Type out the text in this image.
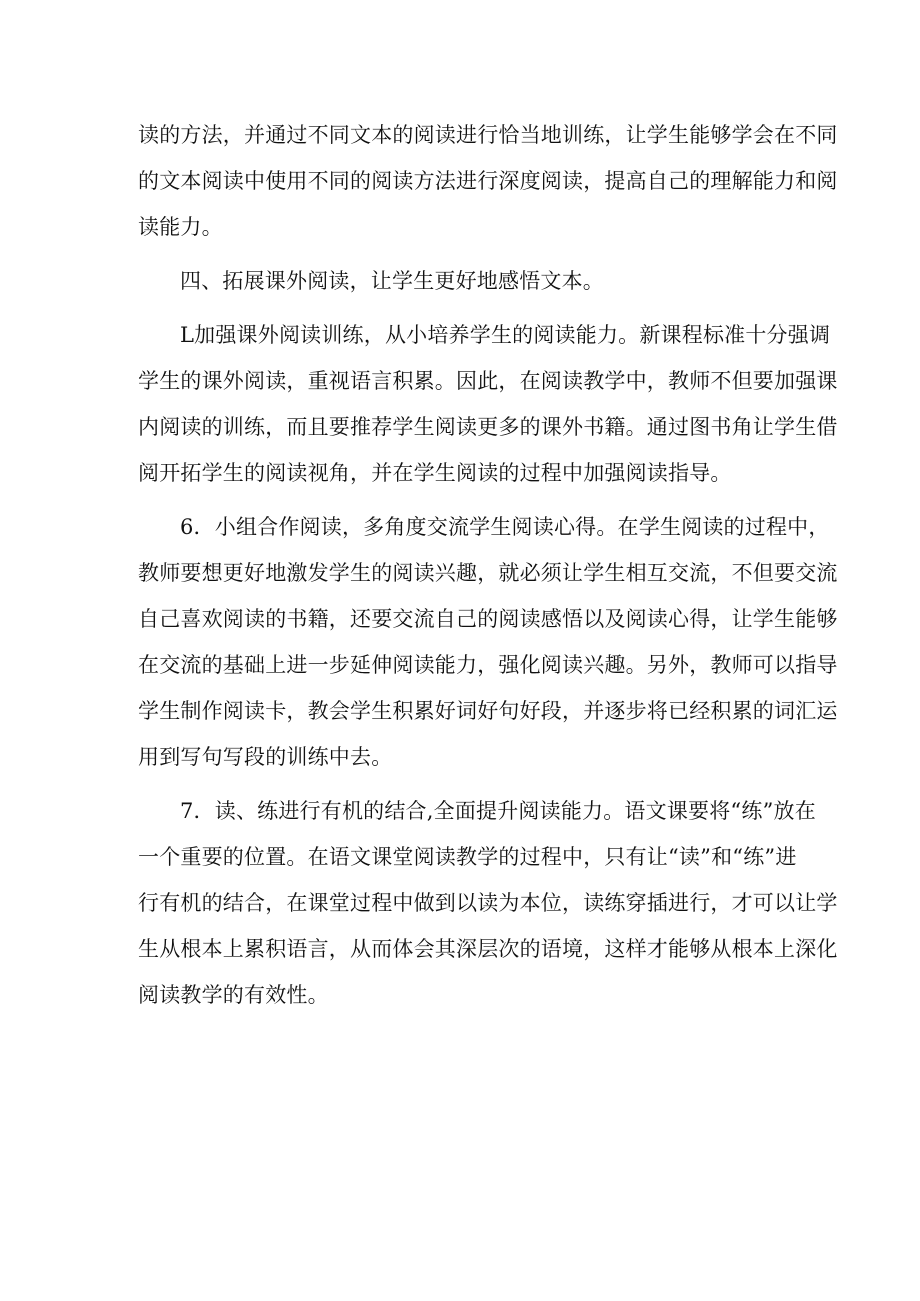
读的方法，并通过不同文本的阅读进行恰当地训练，让学生能够学会在不同
的文本阅读中使用不同的阅读方法进行深度阅读，提高自己的理解能力和阅
读能力。
四、拓展课外阅读，让学生更好地感悟文本。
L加强课外阅读训练，从小培养学生的阅读能力。新课程标准十分强调
学生的课外阅读，重视语言积累。因此，在阅读教学中，教师不但要加强课
内阅读的训练，而且要推荐学生阅读更多的课外书籍。通过图书角让学生借
阅开拓学生的阅读视角，并在学生阅读的过程中加强阅读指导。
6．小组合作阅读，多角度交流学生阅读心得。在学生阅读的过程中，
教师要想更好地激发学生的阅读兴趣，就必须让学生相互交流，不但要交流
自己喜欢阅读的书籍，还要交流自己的阅读感悟以及阅读心得，让学生能够
在交流的基础上进一步延伸阅读能力，强化阅读兴趣。另外，教师可以指导
学生制作阅读卡，教会学生积累好词好句好段，并逐步将已经积累的词汇运
用到写句写段的训练中去。
7．读、练进行有机的结合,全面提升阅读能力。语文课要将“练”放在
一个重要的位置。在语文课堂阅读教学的过程中，只有让“读”和“练”进
行有机的结合，在课堂过程中做到以读为本位，读练穿插进行，才可以让学
生从根本上累积语言，从而体会其深层次的语境，这样才能够从根本上深化
阅读教学的有效性。
